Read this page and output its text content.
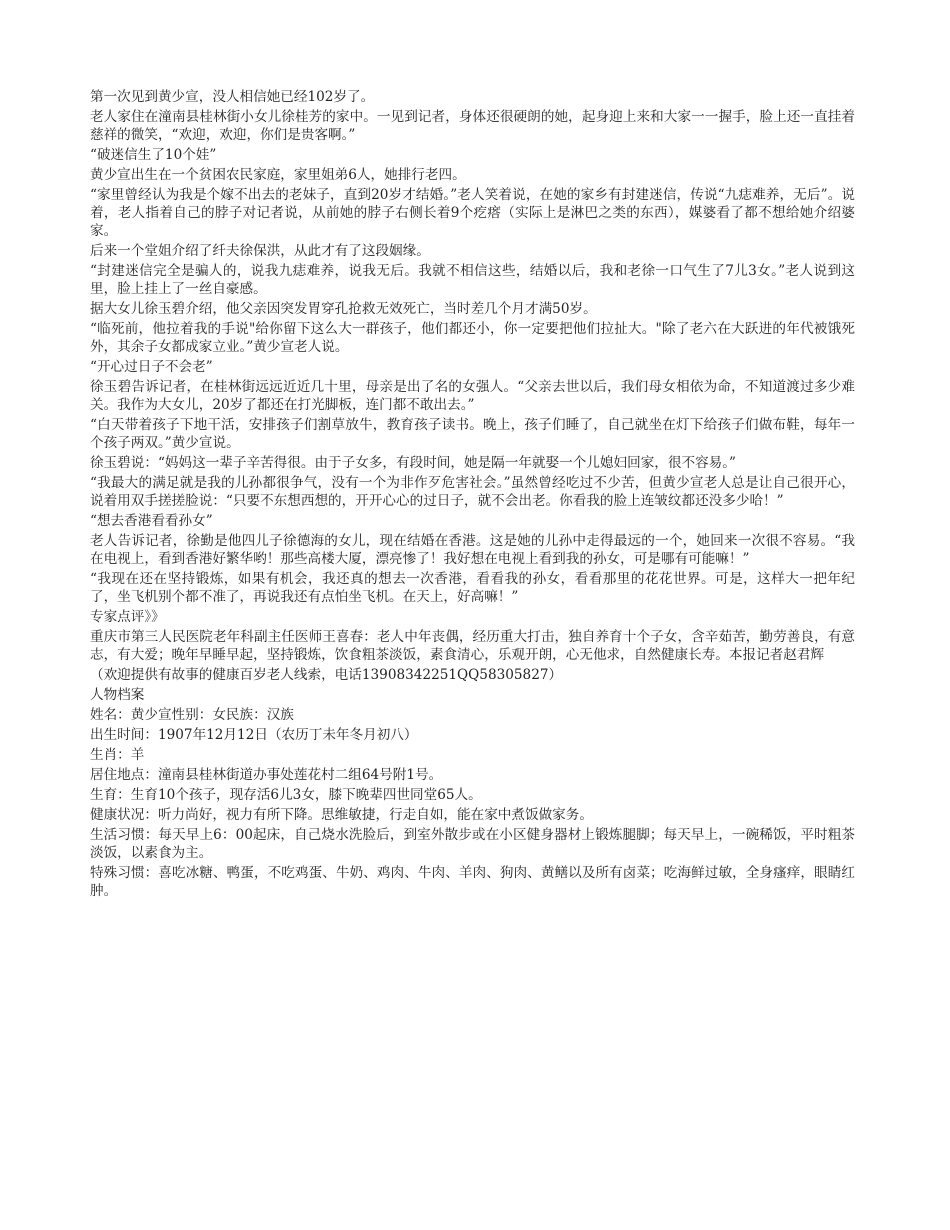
第一次见到黄少宣，没人相信她已经102岁了。

老人家住在潼南县桂林街小女儿徐桂芳的家中。一见到记者，身体还很硬朗的她，起身迎上来和大家一一握手，脸上还一直挂着慈祥的微笑，“欢迎，欢迎，你们是贵客啊。”

“破迷信生了10个娃”

黄少宣出生在一个贫困农民家庭，家里姐弟6人，她排行老四。

“家里曾经认为我是个嫁不出去的老妹子，直到20岁才结婚。”老人笑着说，在她的家乡有封建迷信，传说“九痣难养，无后”。说着，老人指着自己的脖子对记者说，从前她的脖子右侧长着9个疙瘩（实际上是淋巴之类的东西），媒婆看了都不想给她介绍婆家。

后来一个堂姐介绍了纤夫徐保洪，从此才有了这段姻缘。

“封建迷信完全是骗人的，说我九痣难养，说我无后。我就不相信这些，结婚以后，我和老徐一口气生了7儿3女。”老人说到这里，脸上挂上了一丝自豪感。

据大女儿徐玉碧介绍，他父亲因突发胃穿孔抢救无效死亡，当时差几个月才满50岁。

“临死前，他拉着我的手说"给你留下这么大一群孩子，他们都还小，你一定要把他们拉扯大。"除了老六在大跃进的年代被饿死外，其余子女都成家立业。”黄少宣老人说。

“开心过日子不会老”

徐玉碧告诉记者，在桂林街远远近近几十里，母亲是出了名的女强人。“父亲去世以后，我们母女相依为命，不知道渡过多少难关。我作为大女儿，20岁了都还在打光脚板，连门都不敢出去。”

“白天带着孩子下地干活，安排孩子们割草放牛，教育孩子读书。晚上，孩子们睡了，自己就坐在灯下给孩子们做布鞋，每年一个孩子两双。”黄少宣说。

徐玉碧说：“妈妈这一辈子辛苦得很。由于子女多，有段时间，她是隔一年就娶一个儿媳妇回家，很不容易。”

“我最大的满足就是我的儿孙都很争气，没有一个为非作歹危害社会。”虽然曾经吃过不少苦，但黄少宣老人总是让自己很开心，说着用双手搓搓脸说：“只要不东想西想的，开开心心的过日子，就不会出老。你看我的脸上连皱纹都还没多少哈！”

“想去香港看看孙女”

老人告诉记者，徐勤是他四儿子徐德海的女儿，现在结婚在香港。这是她的儿孙中走得最远的一个，她回来一次很不容易。“我在电视上，看到香港好繁华哟！那些高楼大厦，漂亮惨了！我好想在电视上看到我的孙女，可是哪有可能嘛！”

“我现在还在坚持锻炼，如果有机会，我还真的想去一次香港，看看我的孙女，看看那里的花花世界。可是，这样大一把年纪了，坐飞机别个都不准了，再说我还有点怕坐飞机。在天上，好高嘛！”

专家点评》》

重庆市第三人民医院老年科副主任医师王喜春：老人中年丧偶，经历重大打击，独自养育十个子女，含辛茹苦，勤劳善良，有意志，有大爱；晚年早睡早起，坚持锻炼，饮食粗茶淡饭，素食清心，乐观开朗，心无他求，自然健康长寿。本报记者赵君辉

（欢迎提供有故事的健康百岁老人线索，电话13908342251QQ58305827）

人物档案

姓名：黄少宣性别：女民族：汉族

出生时间：1907年12月12日（农历丁未年冬月初八）

生肖：羊

居住地点：潼南县桂林街道办事处莲花村二组64号附1号。

生育：生育10个孩子，现存活6儿3女，膝下晚辈四世同堂65人。

健康状况：听力尚好，视力有所下降。思维敏捷，行走自如，能在家中煮饭做家务。

生活习惯：每天早上6：00起床，自己烧水洗脸后，到室外散步或在小区健身器材上锻炼腿脚；每天早上，一碗稀饭，平时粗茶淡饭，以素食为主。

特殊习惯：喜吃冰糖、鸭蛋，不吃鸡蛋、牛奶、鸡肉、牛肉、羊肉、狗肉、黄鳝以及所有卤菜；吃海鲜过敏，全身瘙痒，眼睛红肿。
